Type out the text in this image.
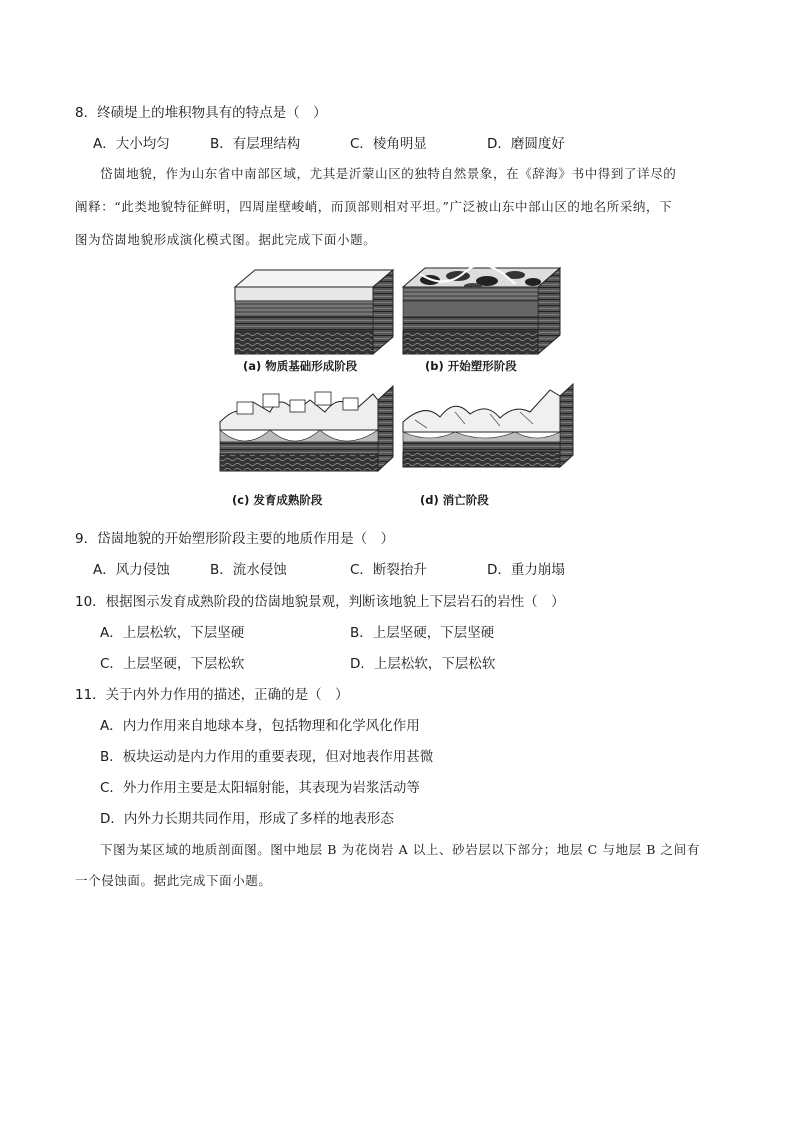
8．终碛堤上的堆积物具有的特点是（　）
A．大小均匀	B．有层理结构	C．棱角明显	D．磨圆度好
岱崮地貌，作为山东省中南部区域，尤其是沂蒙山区的独特自然景象，在《辞海》书中得到了详尽的
阐释：“此类地貌特征鲜明，四周崖壁峻峭，而顶部则相对平坦。”广泛被山东中部山区的地名所采纳，下
图为岱崮地貌形成演化模式图。据此完成下面小题。
(a) 物质基础形成阶段	(b) 开始塑形阶段
(c) 发育成熟阶段	(d) 消亡阶段
9．岱崮地貌的开始塑形阶段主要的地质作用是（　）
A．风力侵蚀	B．流水侵蚀	C．断裂抬升	D．重力崩塌
10．根据图示发育成熟阶段的岱崮地貌景观，判断该地貌上下层岩石的岩性（　）
A．上层松软，下层坚硬	B．上层坚硬，下层坚硬
C．上层坚硬，下层松软	D．上层松软，下层松软
11．关于内外力作用的描述，正确的是（　）
A．内力作用来自地球本身，包括物理和化学风化作用
B．板块运动是内力作用的重要表现，但对地表作用甚微
C．外力作用主要是太阳辐射能，其表现为岩浆活动等
D．内外力长期共同作用，形成了多样的地表形态
下图为某区域的地质剖面图。图中地层 B 为花岗岩 A 以上、砂岩层以下部分；地层 C 与地层 B 之间有
一个侵蚀面。据此完成下面小题。
